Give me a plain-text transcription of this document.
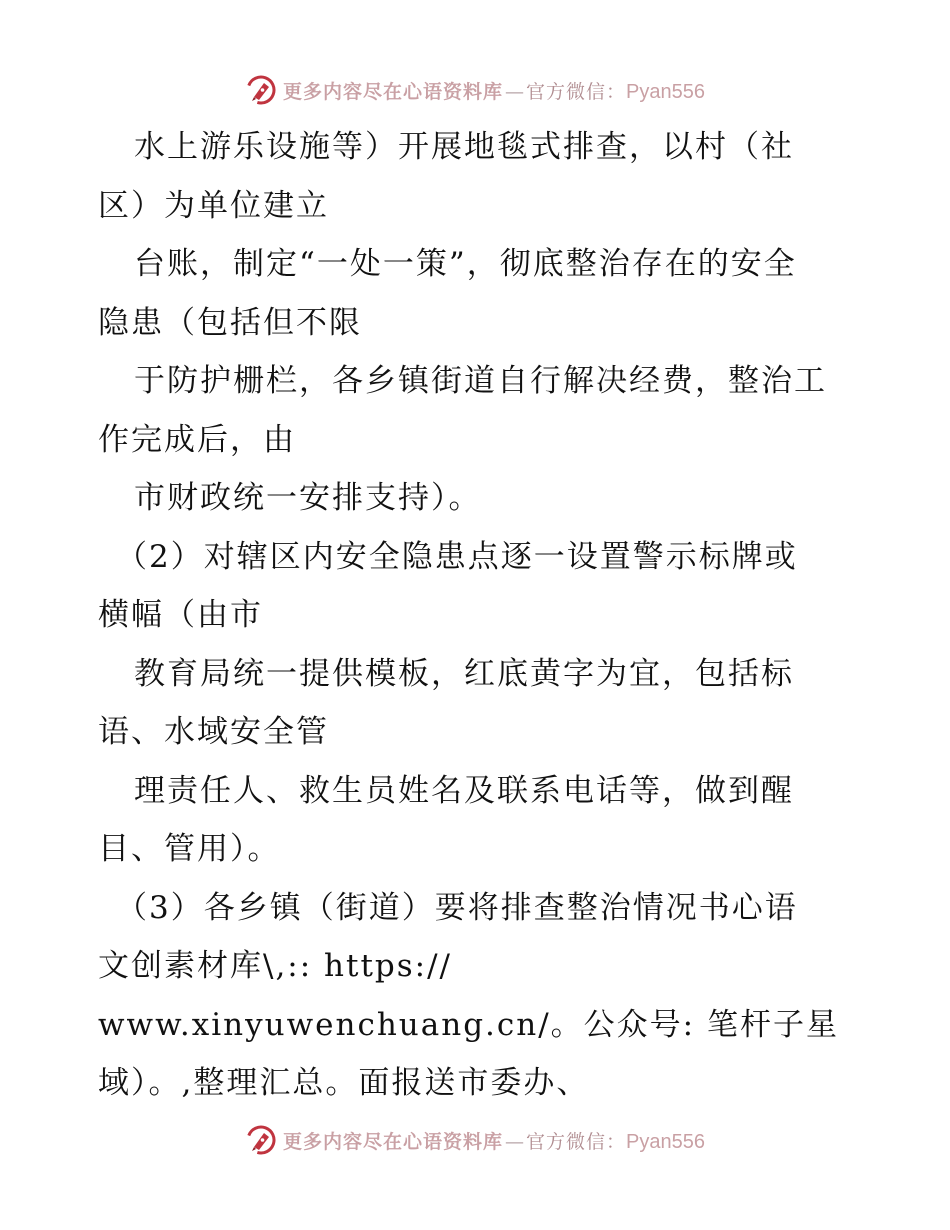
更多内容尽在心语资料库 — 官方微信： Pyan556
水上游乐设施等）开展地毯式排查，以村（社
区）为单位建立
台账，制定“一处一策”，彻底整治存在的安全
隐患（包括但不限
于防护栅栏，各乡镇街道自行解决经费，整治工
作完成后，由
市财政统一安排支持）。
（2）对辖区内安全隐患点逐一设置警示标牌或
横幅（由市
教育局统一提供模板，红底黄字为宜，包括标
语、水域安全管
理责任人、救生员姓名及联系电话等，做到醒
目、管用）。
（3）各乡镇（街道）要将排查整治情况书心语
文创素材库\,:: https://
www.xinyuwenchuang.cn/。公众号: 笔杆子星
域）。,整理汇总。面报送市委办、
更多内容尽在心语资料库 — 官方微信： Pyan556
